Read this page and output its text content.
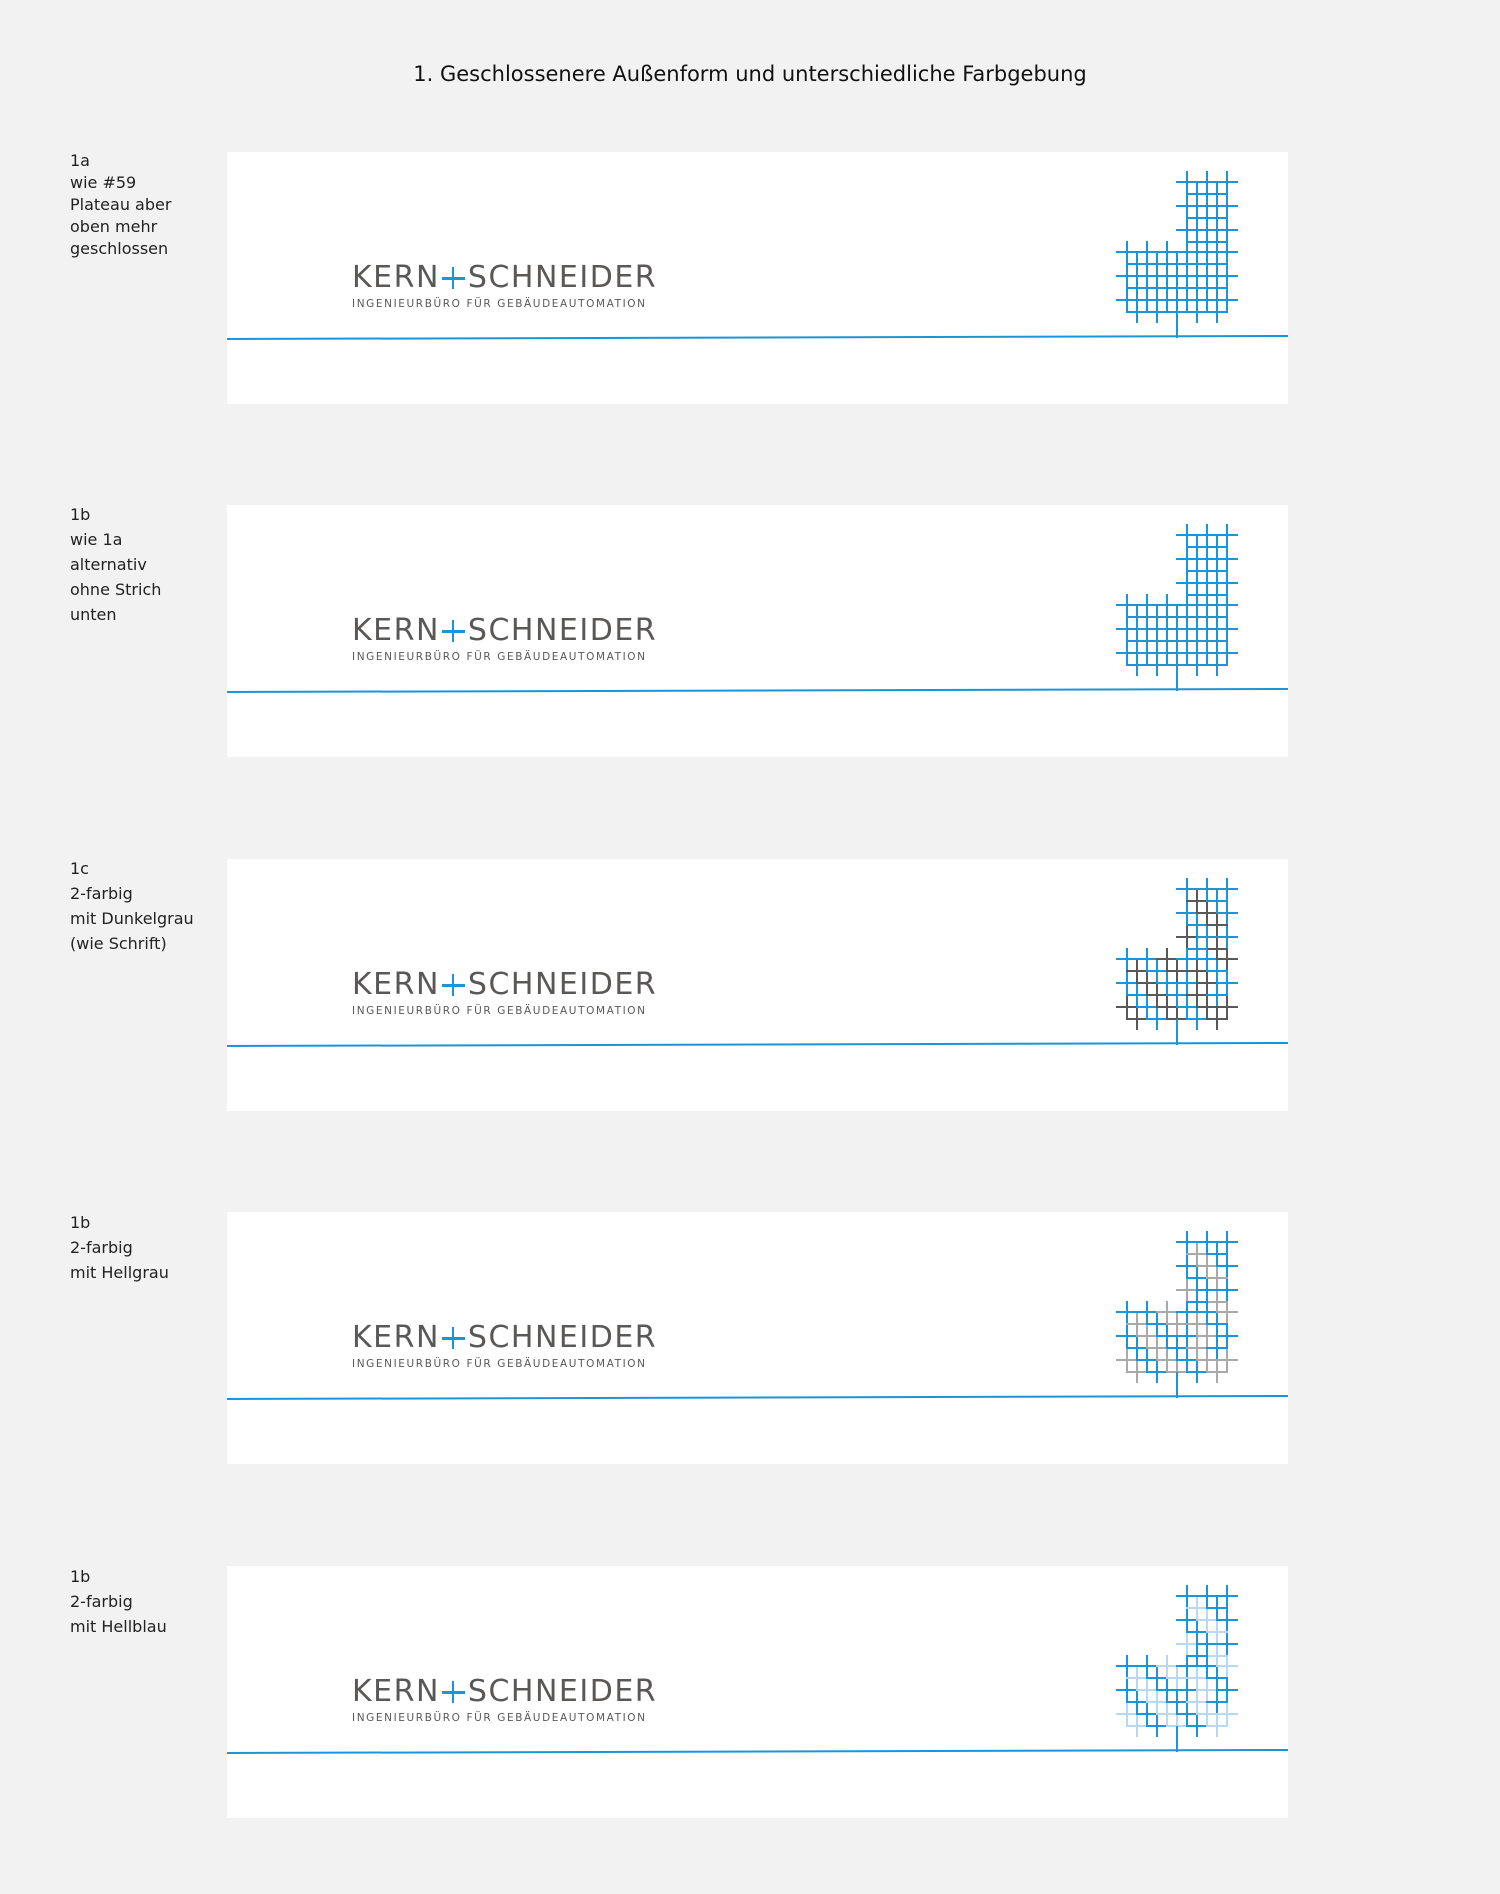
1. Geschlossenere Außenform und unterschiedliche Farbgebung
1a
wie #59
Plateau aber
oben mehr
geschlossen
KERN SCHNEIDER
INGENIEURBÜRO FÜR GEBÄUDEAUTOMATION
1b
wie 1a
alternativ
ohne Strich
unten	KERN SCHNEIDER
INGENIEURBÜRO FÜR GEBÄUDEAUTOMATION
1c
2-farbig
mit Dunkelgrau
(wie Schrift)
KERN SCHNEIDER
INGENIEURBÜRO FÜR GEBÄUDEAUTOMATION
1b
2-farbig
mit Hellgrau
KERN SCHNEIDER
INGENIEURBÜRO FÜR GEBÄUDEAUTOMATION
1b
2-farbig
mit Hellblau
KERN SCHNEIDER
INGENIEURBÜRO FÜR GEBÄUDEAUTOMATION
